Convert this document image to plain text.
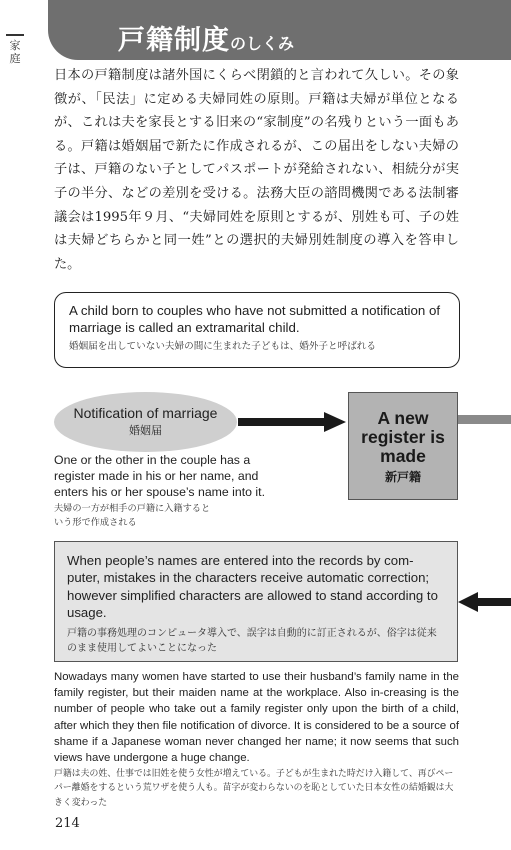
家
庭
戸籍制度のしくみ
日本の戸籍制度は諸外国にくらべ閉鎖的と言われて久しい。その象徴が、「民法」に定める夫婦同姓の原則。戸籍は夫婦が単位となるが、これは夫を家長とする旧来の“家制度”の名残りという一面もある。戸籍は婚姻届で新たに作成されるが、この届出をしない夫婦の子は、戸籍のない子としてパスポートが発給されない、相続分が実子の半分、などの差別を受ける。法務大臣の諮問機関である法制審議会は1995年９月、“夫婦同姓を原則とするが、別姓も可、子の姓は夫婦どちらかと同一姓”との選択的夫婦別姓制度の導入を答申した。
A child born to couples who have not submitted a notification of marriage is called an extramarital child.
婚姻届を出していない夫婦の間に生まれた子どもは、婚外子と呼ばれる
Notification of marriage
婚姻届
A new
register is
made
新戸籍
One or the other in the couple has a register made in his or her name, and enters his or her spouse’s name into it.
夫婦の一方が相手の戸籍に入籍すると
いう形で作成される
When people’s names are entered into the records by com-puter, mistakes in the characters receive automatic correction; however simplified characters are allowed to stand according to usage.
戸籍の事務処理のコンピュータ導入で、誤字は自動的に訂正されるが、俗字は従来のまま使用してよいことになった
Nowadays many women have started to use their husband’s family name in the family register, but their maiden name at the workplace. Also in-creasing is the number of people who take out a family register only upon the birth of a child, after which they then file notification of divorce. It is considered to be a source of shame if a Japanese woman never changed her name; it now seems that such views have undergone a huge change.
戸籍は夫の姓、仕事では旧姓を使う女性が増えている。子どもが生まれた時だけ入籍して、再びペーパー離婚をするという荒ワザを使う人も。苗字が変わらないのを恥としていた日本女性の結婚観は大きく変わった
214
